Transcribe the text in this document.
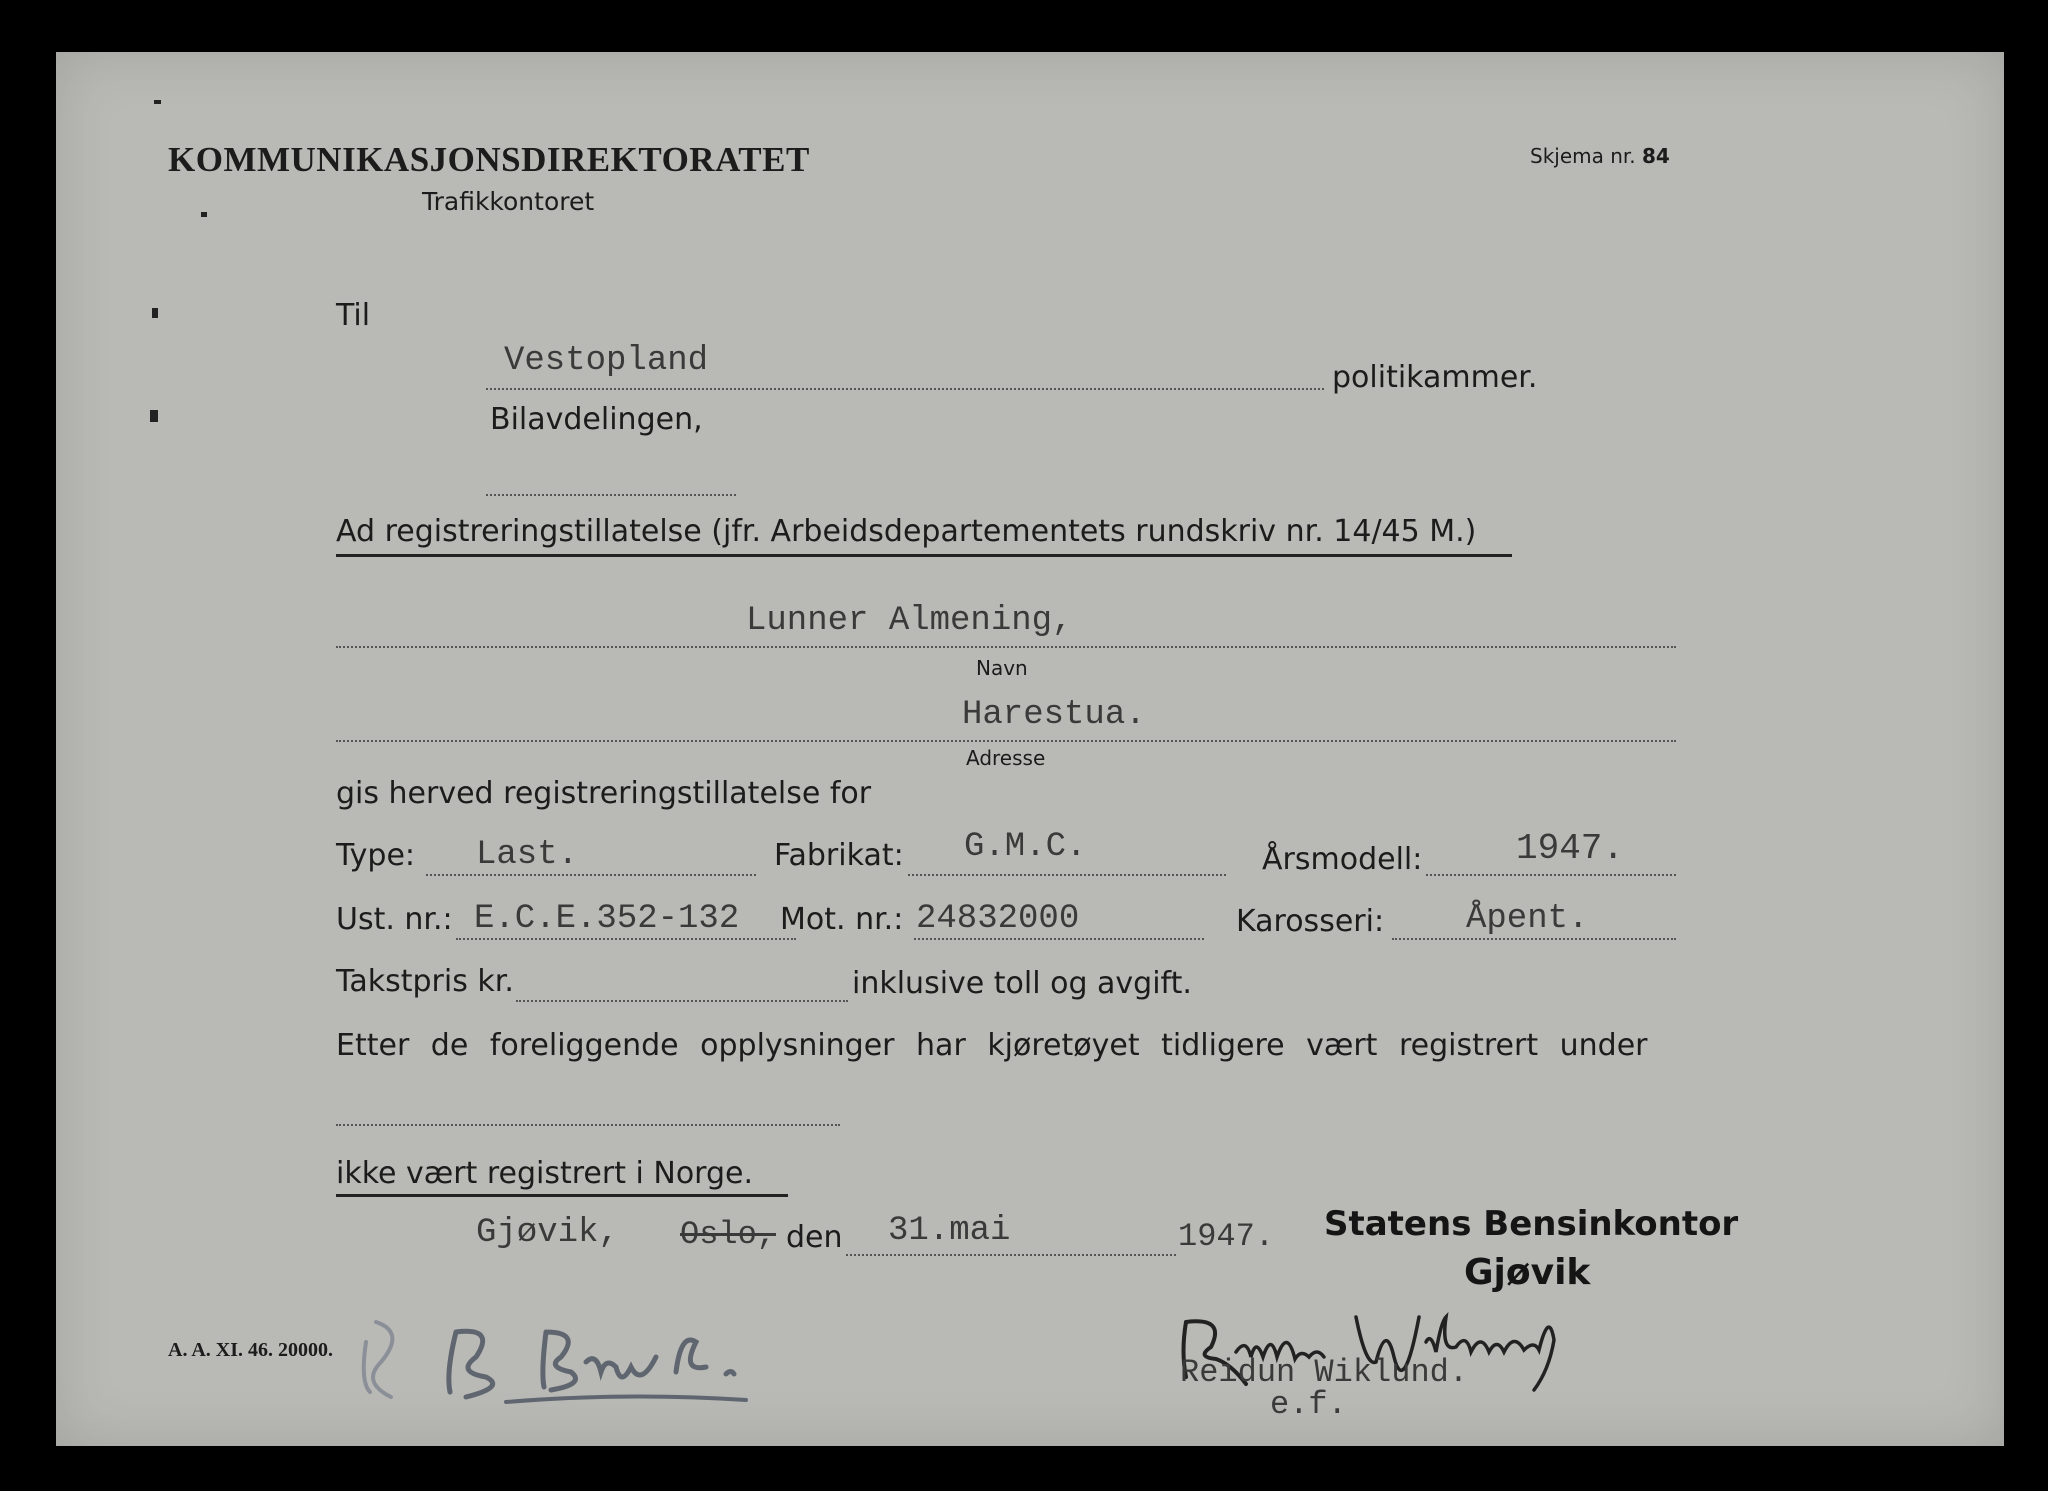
KOMMUNIKASJONSDIREKTORATET
Trafikkontoret
Skjema nr. 84
Til
Vestopland	politikammer.
Bilavdelingen,
Ad registreringstillatelse (jfr. Arbeidsdepartementets rundskriv nr. 14/45 M.)
Lunner Almening,
Navn
Harestua.
Adresse
gis herved registreringstillatelse for
Type: Last.	Fabrikat: G.M.C.	Årsmodell:	1947.
Ust. nr.: E.C.E.352-132 Mot. nr.: 24832000	Karosseri: Åpent.
Takstpris kr.	inklusive toll og avgift.
Etter de foreliggende opplysninger har kjøretøyet tidligere vært registrert under
ikke vært registrert i Norge.
Gjøvik, Oslo, den 31.mai	1947. Statens Bensinkontor
Gjøvik
A. A. XI. 46. 20000.
Reidun Wiklund.
e.f.
